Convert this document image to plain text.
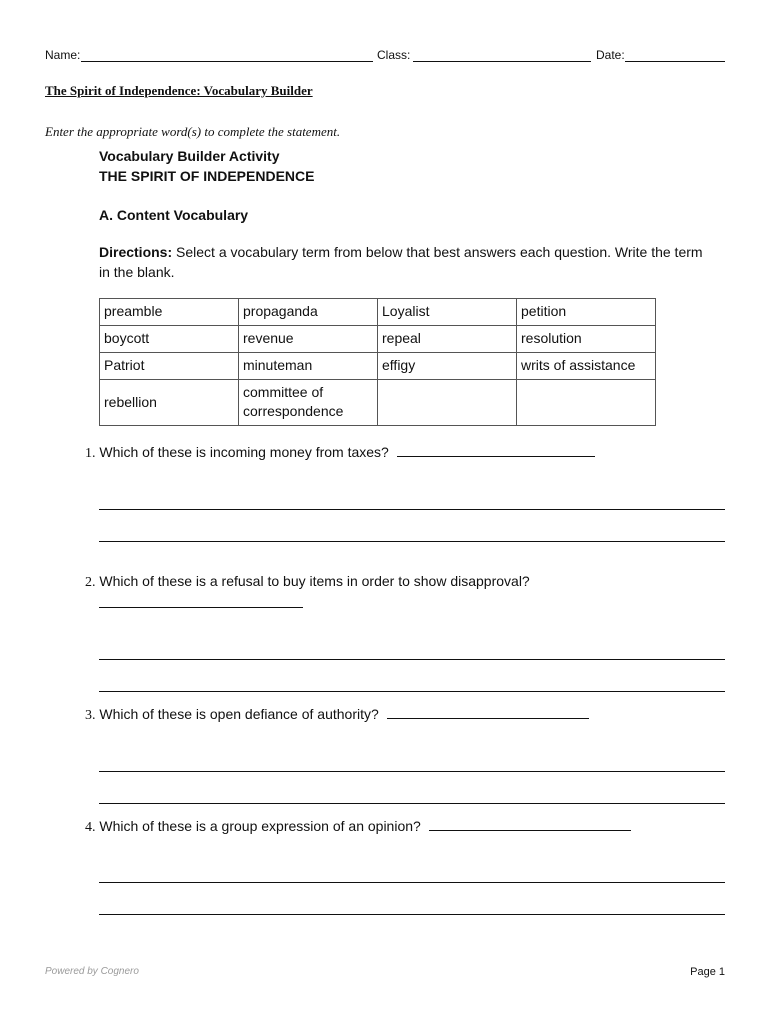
Name:	Class:	Date:
The Spirit of Independence: Vocabulary Builder
Enter the appropriate word(s) to complete the statement.
Vocabulary Builder Activity
THE SPIRIT OF INDEPENDENCE
A. Content Vocabulary
Directions: Select a vocabulary term from below that best answers each question. Write the term in the blank.
preamble	propaganda	Loyalist	petition
boycott	revenue	repeal	resolution
Patriot	minuteman	effigy	writs of assistance
rebellion	committee of correspondence		
1. Which of these is incoming money from taxes?
2. Which of these is a refusal to buy items in order to show disapproval?
3. Which of these is open defiance of authority?
4. Which of these is a group expression of an opinion?
Powered by Cognero	Page 1
